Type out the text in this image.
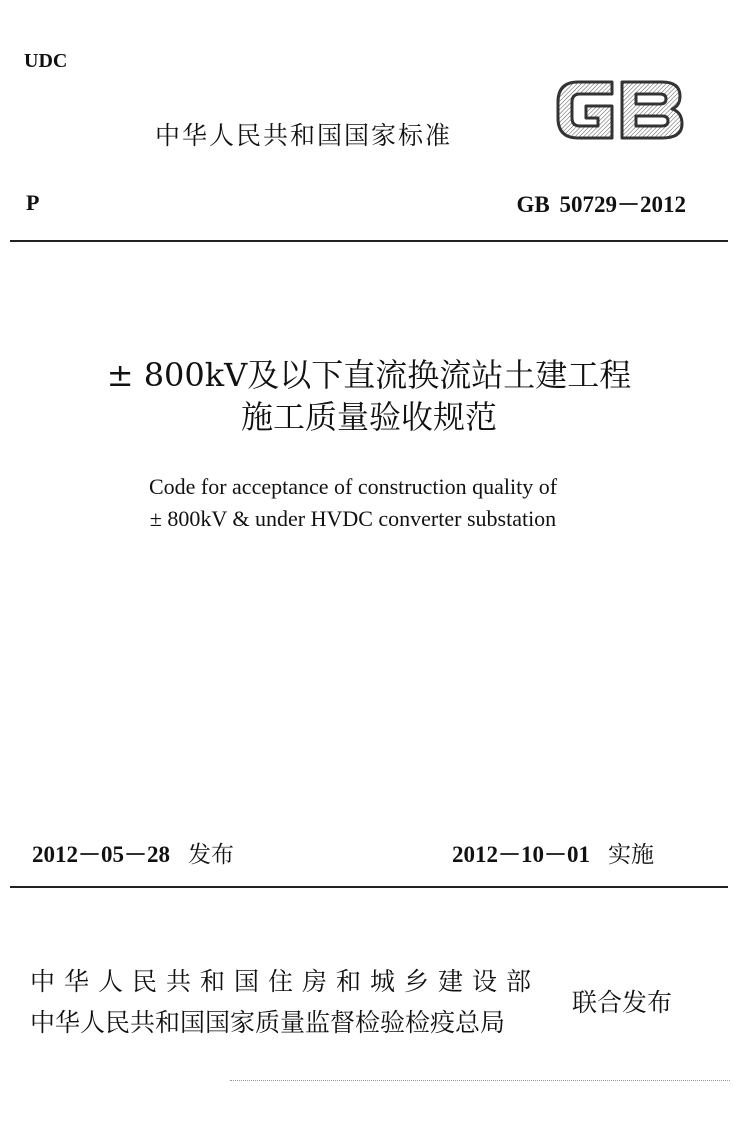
UDC
中华人民共和国国家标准
P	GB 50729－2012
± 800kV及以下直流换流站土建工程
施工质量验收规范
Code for acceptance of construction quality of
± 800kV & under HVDC converter substation
2012－05－28 发布	2012－10－01 实施
中华人民共和国住房和城乡建设部
中华人民共和国国家质量监督检验检疫总局
联合发布
